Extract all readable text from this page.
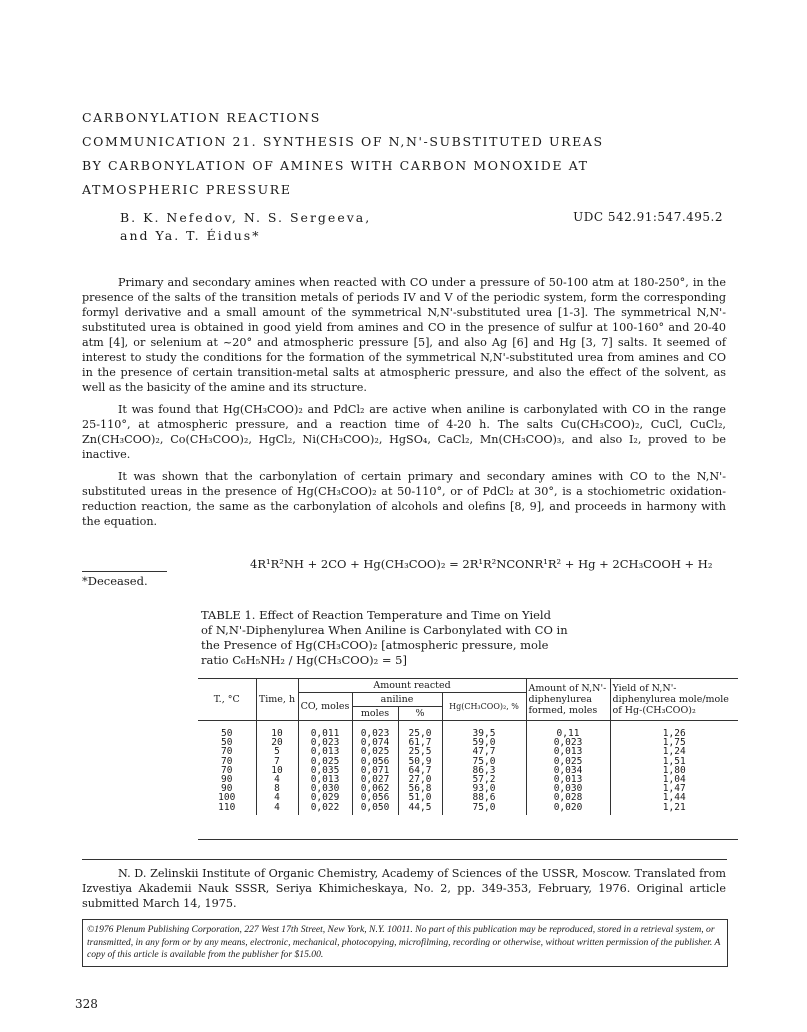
CARBONYLATION REACTIONS
COMMUNICATION 21. SYNTHESIS OF N,N'-SUBSTITUTED UREAS
BY CARBONYLATION OF AMINES WITH CARBON MONOXIDE AT
ATMOSPHERIC PRESSURE
B. K. Nefedov, N. S. Sergeeva,
and Ya. T. Éidus*
UDC 542.91:547.495.2

Primary and secondary amines when reacted with CO under a pressure of 50-100 atm at 180-250°, in the presence of the salts of the transition metals of periods IV and V of the periodic system, form the corresponding formyl derivative and a small amount of the symmetrical N,N'-substituted urea [1-3]. The symmetrical N,N'-substituted urea is obtained in good yield from amines and CO in the presence of sulfur at 100-160° and 20-40 atm [4], or selenium at ~20° and atmospheric pressure [5], and also Ag [6] and Hg [3, 7] salts. It seemed of interest to study the conditions for the formation of the symmetrical N,N'-substituted urea from amines and CO in the presence of certain transition-metal salts at atmospheric pressure, and also the effect of the solvent, as well as the basicity of the amine and its structure.

It was found that Hg(CH₃COO)₂ and PdCl₂ are active when aniline is carbonylated with CO in the range 25-110°, at atmospheric pressure, and a reaction time of 4-20 h. The salts Cu(CH₃COO)₂, CuCl, CuCl₂, Zn(CH₃COO)₂, Co(CH₃COO)₂, HgCl₂, Ni(CH₃COO)₂, HgSO₄, CaCl₂, Mn(CH₃COO)₃, and also I₂, proved to be inactive.

It was shown that the carbonylation of certain primary and secondary amines with CO to the N,N'-substituted ureas in the presence of Hg(CH₃COO)₂ at 50-110°, or of PdCl₂ at 30°, is a stochiometric oxidation-reduction reaction, the same as the carbonylation of alcohols and olefins [8, 9], and proceeds in harmony with the equation.

4R¹R²NH + 2CO + Hg(CH₃COO)₂ = 2R¹R²NCONR¹R² + Hg + 2CH₃COOH + H₂
*Deceased.
TABLE 1. Effect of Reaction Temperature and Time on Yield
of N,N'-Diphenylurea When Aniline is Carbonylated with CO in
the Presence of Hg(CH₃COO)₂ [atmospheric pressure, mole
ratio C₆H₅NH₂ / Hg(CH₃COO)₂ = 5]
T., °C	Time, h	Amount reacted				Amount of N,N'-diphenylurea formed, moles	Yield of N,N'-diphenylurea mole/mole of Hg-(CH₃COO)₂
		CO, moles	aniline		Hg(CH₃COO)₂, %		
			moles	%			
50	10	0,011	0,023	25,0	39,5	0,11	1,26
50	20	0,023	0,074	61,7	59,0	0,023	1,75
70	5	0,013	0,025	25,5	47,7	0,013	1,24
70	7	0,025	0,056	50,9	75,0	0,025	1,51
70	10	0,035	0,071	64,7	86,3	0,034	1,80
90	4	0,013	0,027	27,0	57,2	0,013	1,04
90	8	0,030	0,062	56,8	93,0	0,030	1,47
100	4	0,029	0,056	51,0	88,6	0,028	1,44
110	4	0,022	0,050	44,5	75,0	0,020	1,21
N. D. Zelinskii Institute of Organic Chemistry, Academy of Sciences of the USSR, Moscow. Translated from Izvestiya Akademii Nauk SSSR, Seriya Khimicheskaya, No. 2, pp. 349-353, February, 1976. Original article submitted March 14, 1975.
©1976 Plenum Publishing Corporation, 227 West 17th Street, New York, N.Y. 10011. No part of this publication may be reproduced, stored in a retrieval system, or transmitted, in any form or by any means, electronic, mechanical, photocopying, microfilming, recording or otherwise, without written permission of the publisher. A copy of this article is available from the publisher for $15.00.
328
